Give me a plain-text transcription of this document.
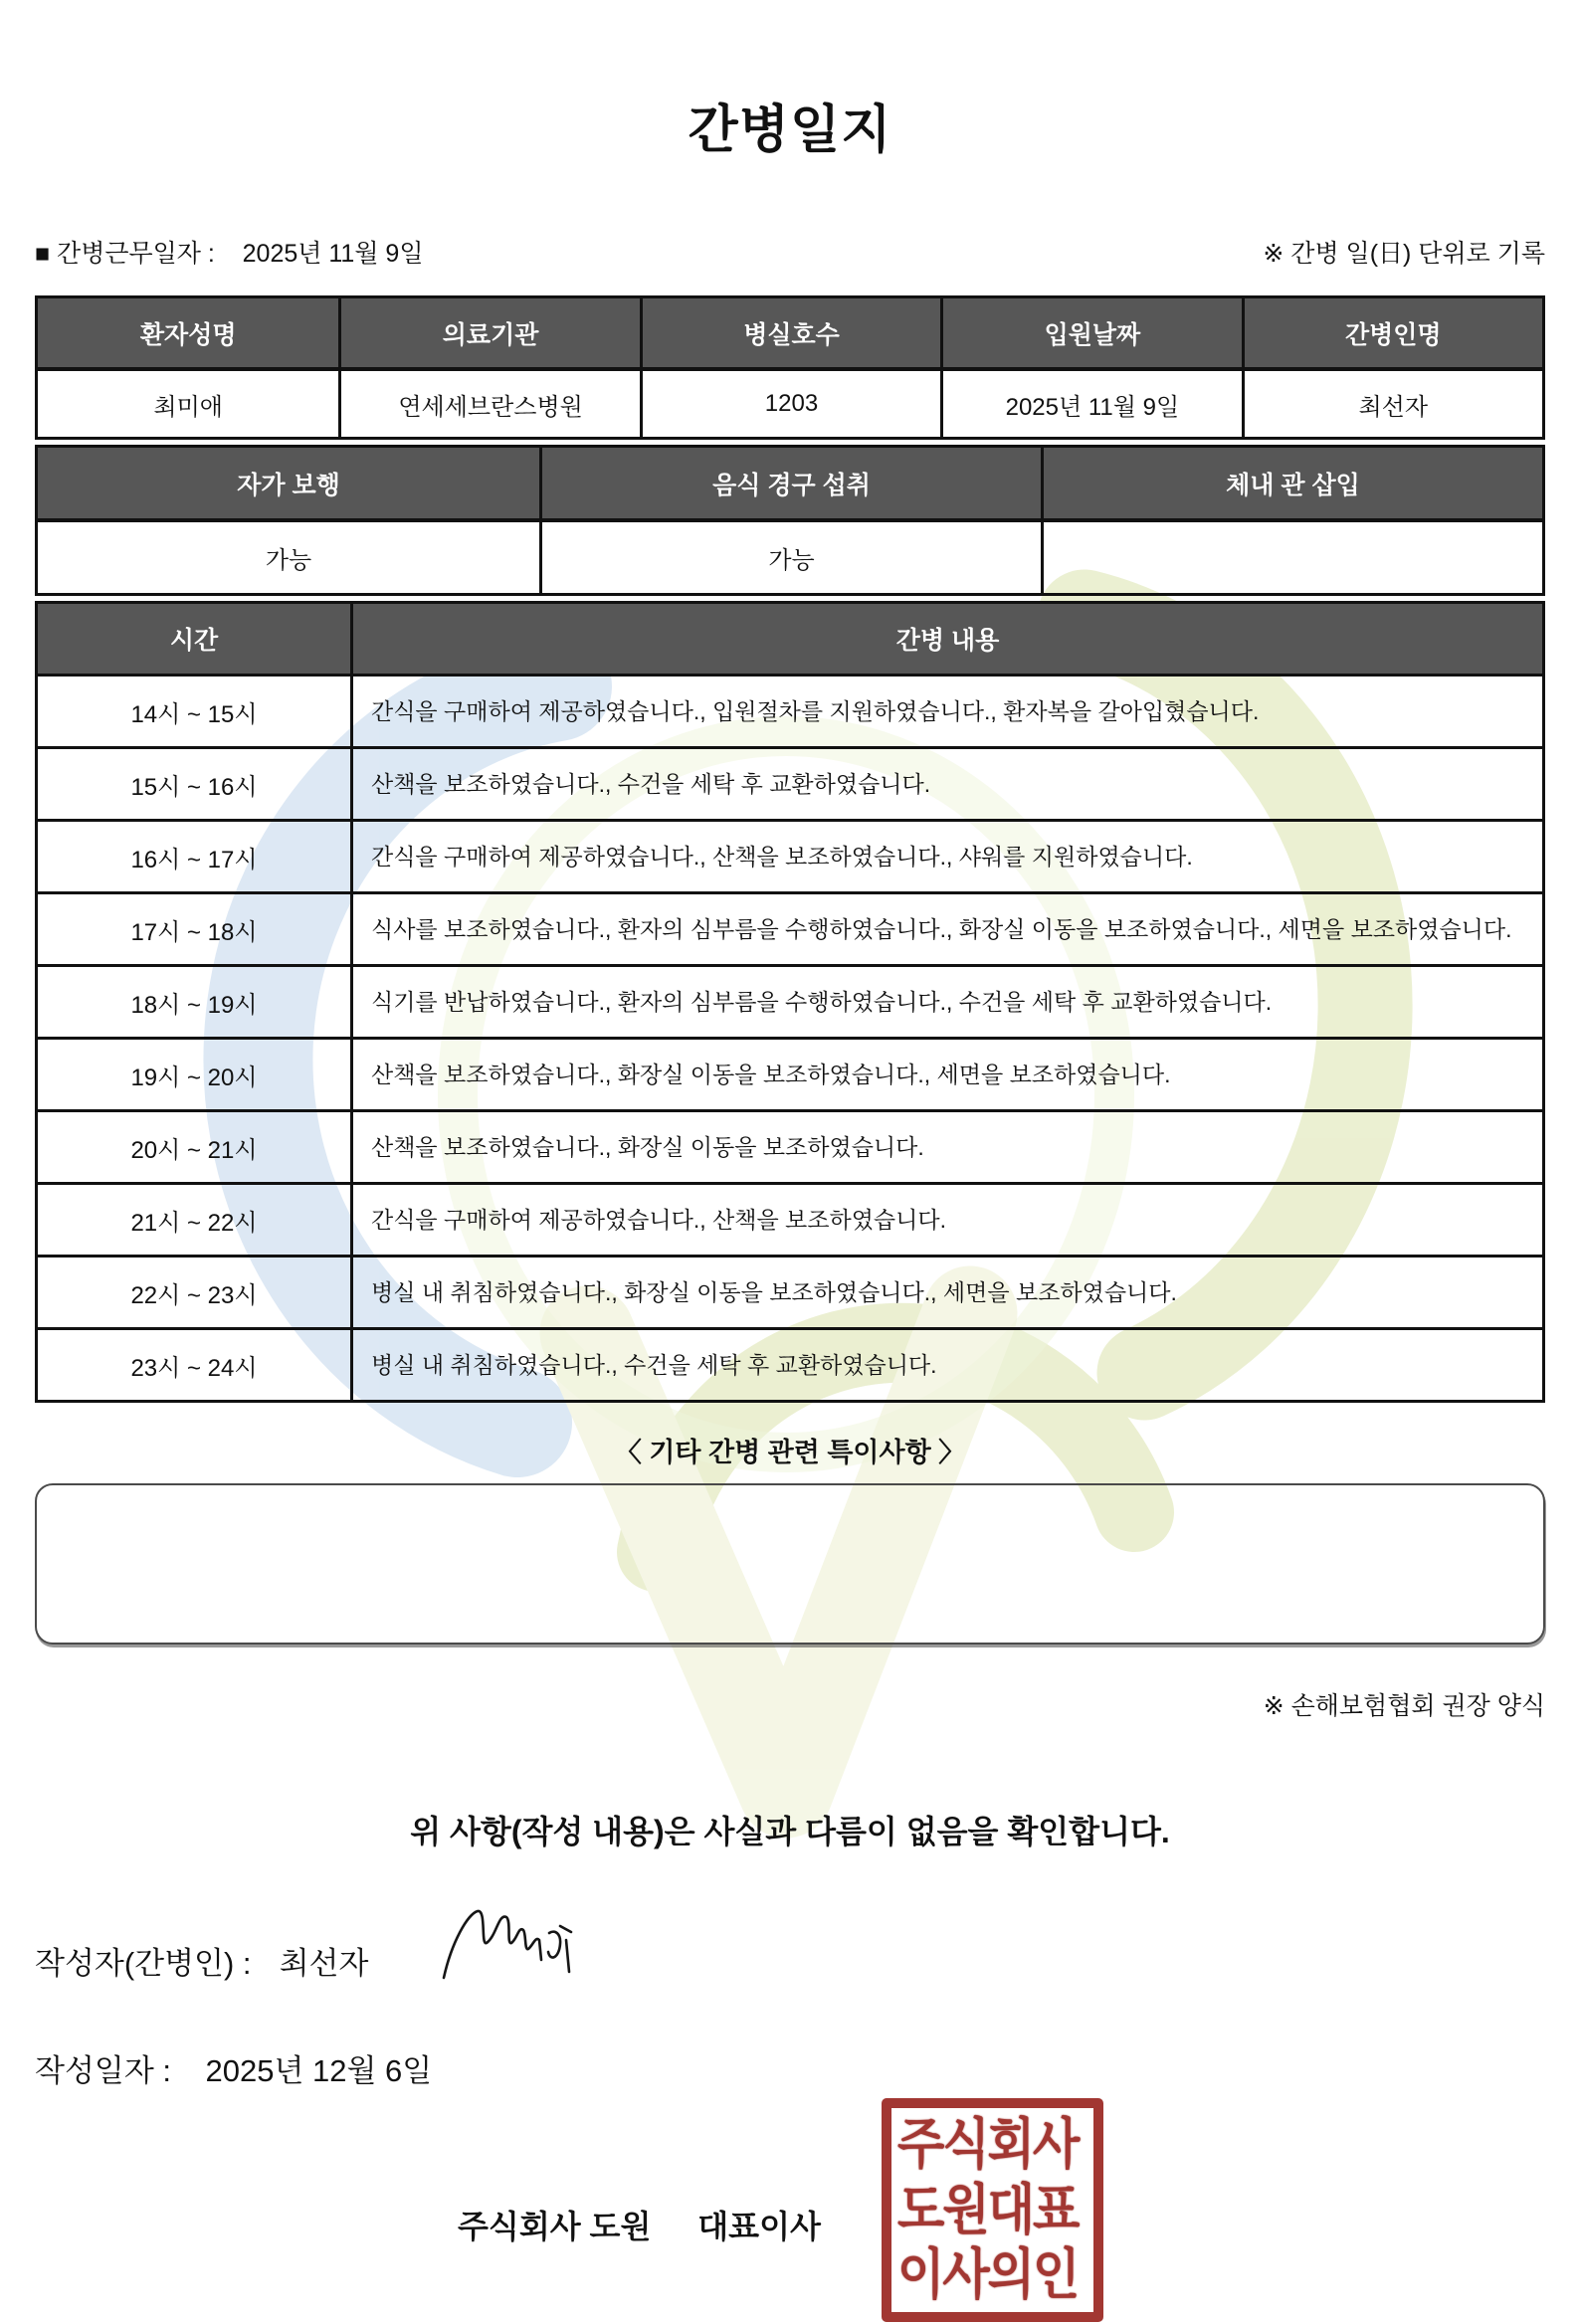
간병일지
■ 간병근무일자 : 2025년 11월 9일	※ 간병 일(日) 단위로 기록
환자성명	의료기관	병실호수	입원날짜	간병인명
최미애	연세세브란스병원	1203	2025년 11월 9일	최선자
자가 보행	음식 경구 섭취	체내 관 삽입
가능	가능
시간	간병 내용
14시 ~ 15시	간식을 구매하여 제공하였습니다., 입원절차를 지원하였습니다., 환자복을 갈아입혔습니다.
15시 ~ 16시	산책을 보조하였습니다., 수건을 세탁 후 교환하였습니다.
16시 ~ 17시	간식을 구매하여 제공하였습니다., 산책을 보조하였습니다., 샤워를 지원하였습니다.
17시 ~ 18시	식사를 보조하였습니다., 환자의 심부름을 수행하였습니다., 화장실 이동을 보조하였습니다., 세면을 보조하였습니다.
18시 ~ 19시	식기를 반납하였습니다., 환자의 심부름을 수행하였습니다., 수건을 세탁 후 교환하였습니다.
19시 ~ 20시	산책을 보조하였습니다., 화장실 이동을 보조하였습니다., 세면을 보조하였습니다.
20시 ~ 21시	산책을 보조하였습니다., 화장실 이동을 보조하였습니다.
21시 ~ 22시	간식을 구매하여 제공하였습니다., 산책을 보조하였습니다.
22시 ~ 23시	병실 내 취침하였습니다., 화장실 이동을 보조하였습니다., 세면을 보조하였습니다.
23시 ~ 24시	병실 내 취침하였습니다., 수건을 세탁 후 교환하였습니다.
〈 기타 간병 관련 특이사항 〉
※ 손해보험협회 권장 양식
위 사항(작성 내용)은 사실과 다름이 없음을 확인합니다.
작성자(간병인) : 최선자
작성일자 : 2025년 12월 6일
주식회사 도원 대표이사
주식회사
도원대표
이사의인
